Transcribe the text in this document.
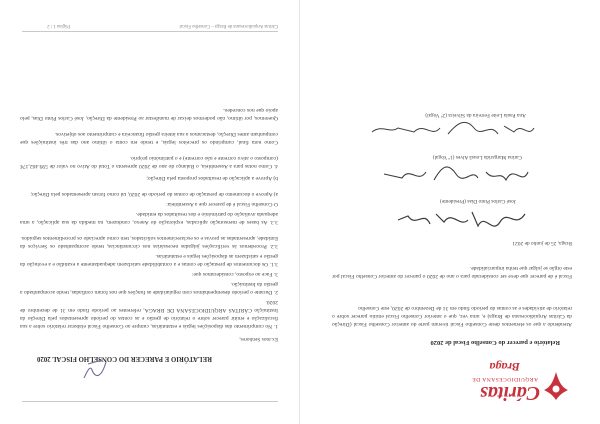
Cáritas
ARQUIDIOCESANA DE
Braga
Relatório e parecer do Conselho Fiscal de 2020
Atendendo a que os elementos deste Conselho Fiscal tiveram parte do anterior Conselho Fiscal (Direção da Cáritas Arquidiocesana de Braga) e, uma vez, que o anterior Conselho Fiscal emitiu parecer sobre o relatório de atividades e as contas do período findo em 31 de Dezembro de 2020, este Conselho
Fiscal é de parecer que deve ser considerado para o ano de 2020 o parecer do anterior Conselho Fiscal por este órgão se julgar que tenha imparcialidade.
Braga, 25 de junho de 2021
José Carlos Pinto Dias (Presidente)
Carina Margarida Lousã Alves (1º Vogal)
Ana Paula Leite Ferreira da Silveira (2º Vogal)
RELATÓRIO E PARECER DO CONSELHO FISCAL 2020
Ex.mos Senhores,
1. No cumprimento das disposições legais e estatutárias, cumpre ao Conselho Fiscal elaborar relatório sobre a sua fiscalização e emitir parecer sobre o relatório de gestão e as contas do período apresentados pela Direção da Instituição CÁRITAS ARQUIDIOCESANA DE BRAGA, referentes ao período findo em 31 de dezembro de 2020.
2. Durante o período desempenhámos com regularidade as funções que nos foram confiadas, tendo acompanhado a gestão da Instituição.
3. Face ao exposto, consideramos que:
3.1. Os documentos de prestação de contas e a contabilidade satisfazem adequadamente a exatidão e a evolução da gestão e satisfazem as disposições legais e estatutárias.
3.2. Procedemos às verificações julgadas necessárias nos circunstâncias, tendo acompanhado os Serviços da Entidade, apresentadas as provas e os esclarecimentos solicitados, tem como apreciado os procedimentos seguidos.
3.3. As bases de mensuração aplicadas, exploração do Anexo, conduzem, na medida da sua aplicação, a uma adequada avaliação do património e dos resultados da entidade.
O Conselho Fiscal é de parecer que a Assembleia:
a) Aprove o documento de prestação de contas do período de 2020, tal como foram apresentados pela Direção;
b) Aprove a aplicação de resultados proposta pela Direção;
4. Como notas para a Assembleia, o Balanço do ano de 2020 apresenta o Total do Ativo no valor de 599.462,17€ (composto o ativo corrente e não corrente) e o património próprio.
Como nota final, cumprindo os preceitos legais, e tendo em conta o último ano das três instituições que compunham antes Direção, destacamos a sua inteira gestão financeira e cumprimento aos objetivos.
Queremos, por último, não podermos deixar de manifestar ao Presidente da Direção, José Carlos Pinto Dias, pelo apoio que nos concedeu.
Cáritas Arquidiocesana de Braga – Conselho Fiscal
Página 1 / 2
